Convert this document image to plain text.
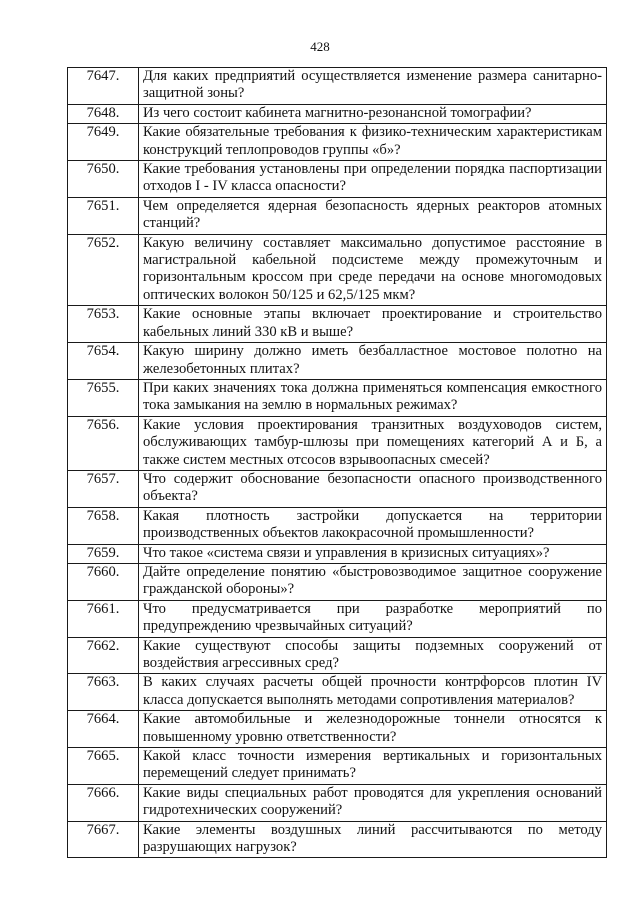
428
7647.	Для каких предприятий осуществляется изменение размера санитарно-защитной зоны?
7648.	Из чего состоит кабинета магнитно-резонансной томографии?
7649.	Какие обязательные требования к физико-техническим характеристикам конструкций теплопроводов группы «б»?
7650.	Какие требования установлены при определении порядка паспортизации отходов I - IV класса опасности?
7651.	Чем определяется ядерная безопасность ядерных реакторов атомных станций?
7652.	Какую величину составляет максимально допустимое расстояние в магистральной кабельной подсистеме между промежуточным и горизонтальным кроссом при среде передачи на основе многомодовых оптических волокон 50/125 и 62,5/125 мкм?
7653.	Какие основные этапы включает проектирование и строительство кабельных линий 330 кВ и выше?
7654.	Какую ширину должно иметь безбалластное мостовое полотно на железобетонных плитах?
7655.	При каких значениях тока должна применяться компенсация емкостного тока замыкания на землю в нормальных режимах?
7656.	Какие условия проектирования транзитных воздуховодов систем, обслуживающих тамбур-шлюзы при помещениях категорий А и Б, а также систем местных отсосов взрывоопасных смесей?
7657.	Что содержит обоснование безопасности опасного производственного объекта?
7658.	Какая плотность застройки допускается на территории производственных объектов лакокрасочной промышленности?
7659.	Что такое «система связи и управления в кризисных ситуациях»?
7660.	Дайте определение понятию «быстровозводимое защитное сооружение гражданской обороны»?
7661.	Что предусматривается при разработке мероприятий по предупреждению чрезвычайных ситуаций?
7662.	Какие существуют способы защиты подземных сооружений от воздействия агрессивных сред?
7663.	В каких случаях расчеты общей прочности контрфорсов плотин IV класса допускается выполнять методами сопротивления материалов?
7664.	Какие автомобильные и железнодорожные тоннели относятся к повышенному уровню ответственности?
7665.	Какой класс точности измерения вертикальных и горизонтальных перемещений следует принимать?
7666.	Какие виды специальных работ проводятся для укрепления оснований гидротехнических сооружений?
7667.	Какие элементы воздушных линий рассчитываются по методу разрушающих нагрузок?
